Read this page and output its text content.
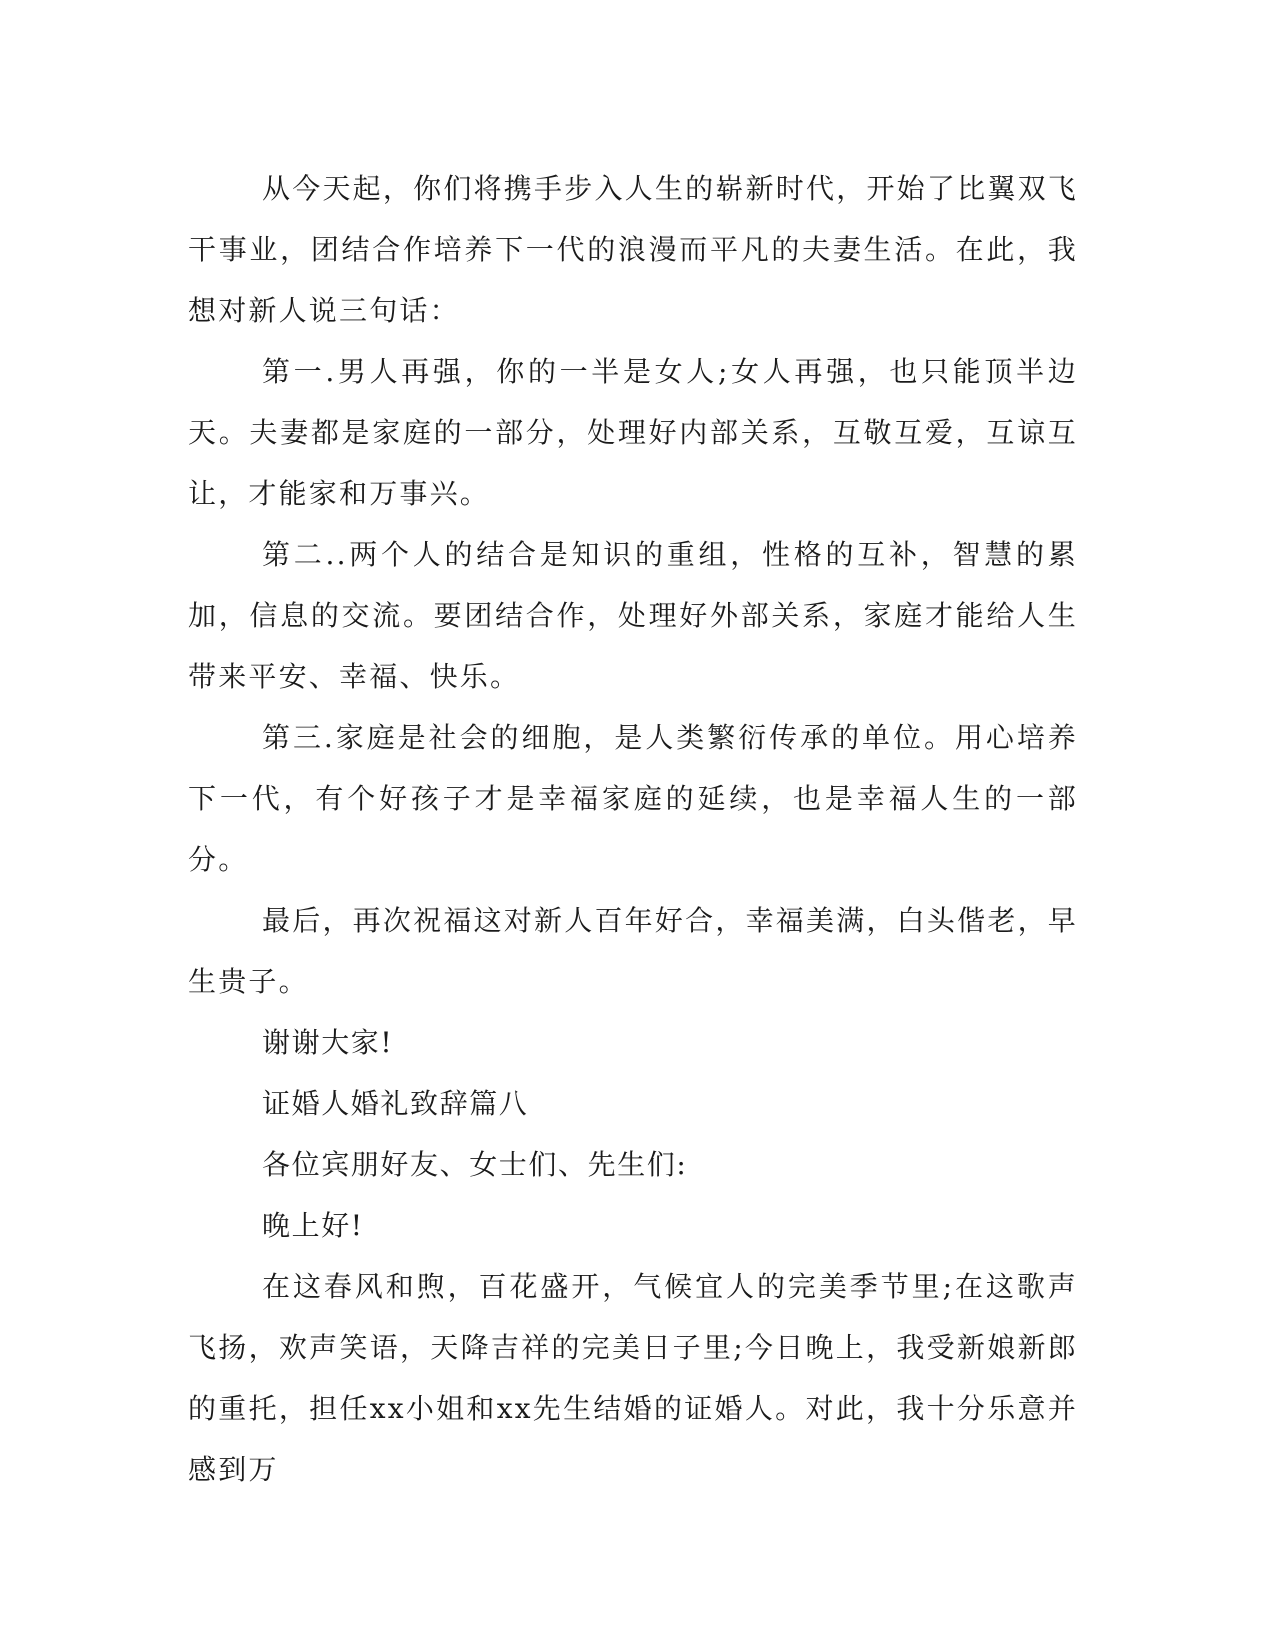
从今天起，你们将携手步入人生的崭新时代，开始了比翼双飞干事业，团结合作培养下一代的浪漫而平凡的夫妻生活。在此，我想对新人说三句话：

第一.男人再强，你的一半是女人;女人再强，也只能顶半边天。夫妻都是家庭的一部分，处理好内部关系，互敬互爱，互谅互让，才能家和万事兴。

第二..两个人的结合是知识的重组，性格的互补，智慧的累加，信息的交流。要团结合作，处理好外部关系，家庭才能给人生带来平安、幸福、快乐。

第三.家庭是社会的细胞，是人类繁衍传承的单位。用心培养下一代，有个好孩子才是幸福家庭的延续，也是幸福人生的一部分。

最后，再次祝福这对新人百年好合，幸福美满，白头偕老，早生贵子。

谢谢大家!

证婚人婚礼致辞篇八

各位宾朋好友、女士们、先生们:

晚上好!

在这春风和煦，百花盛开，气候宜人的完美季节里;在这歌声飞扬，欢声笑语，天降吉祥的完美日子里;今日晚上，我受新娘新郎的重托，担任xx小姐和xx先生结婚的证婚人。对此，我十分乐意并感到万
